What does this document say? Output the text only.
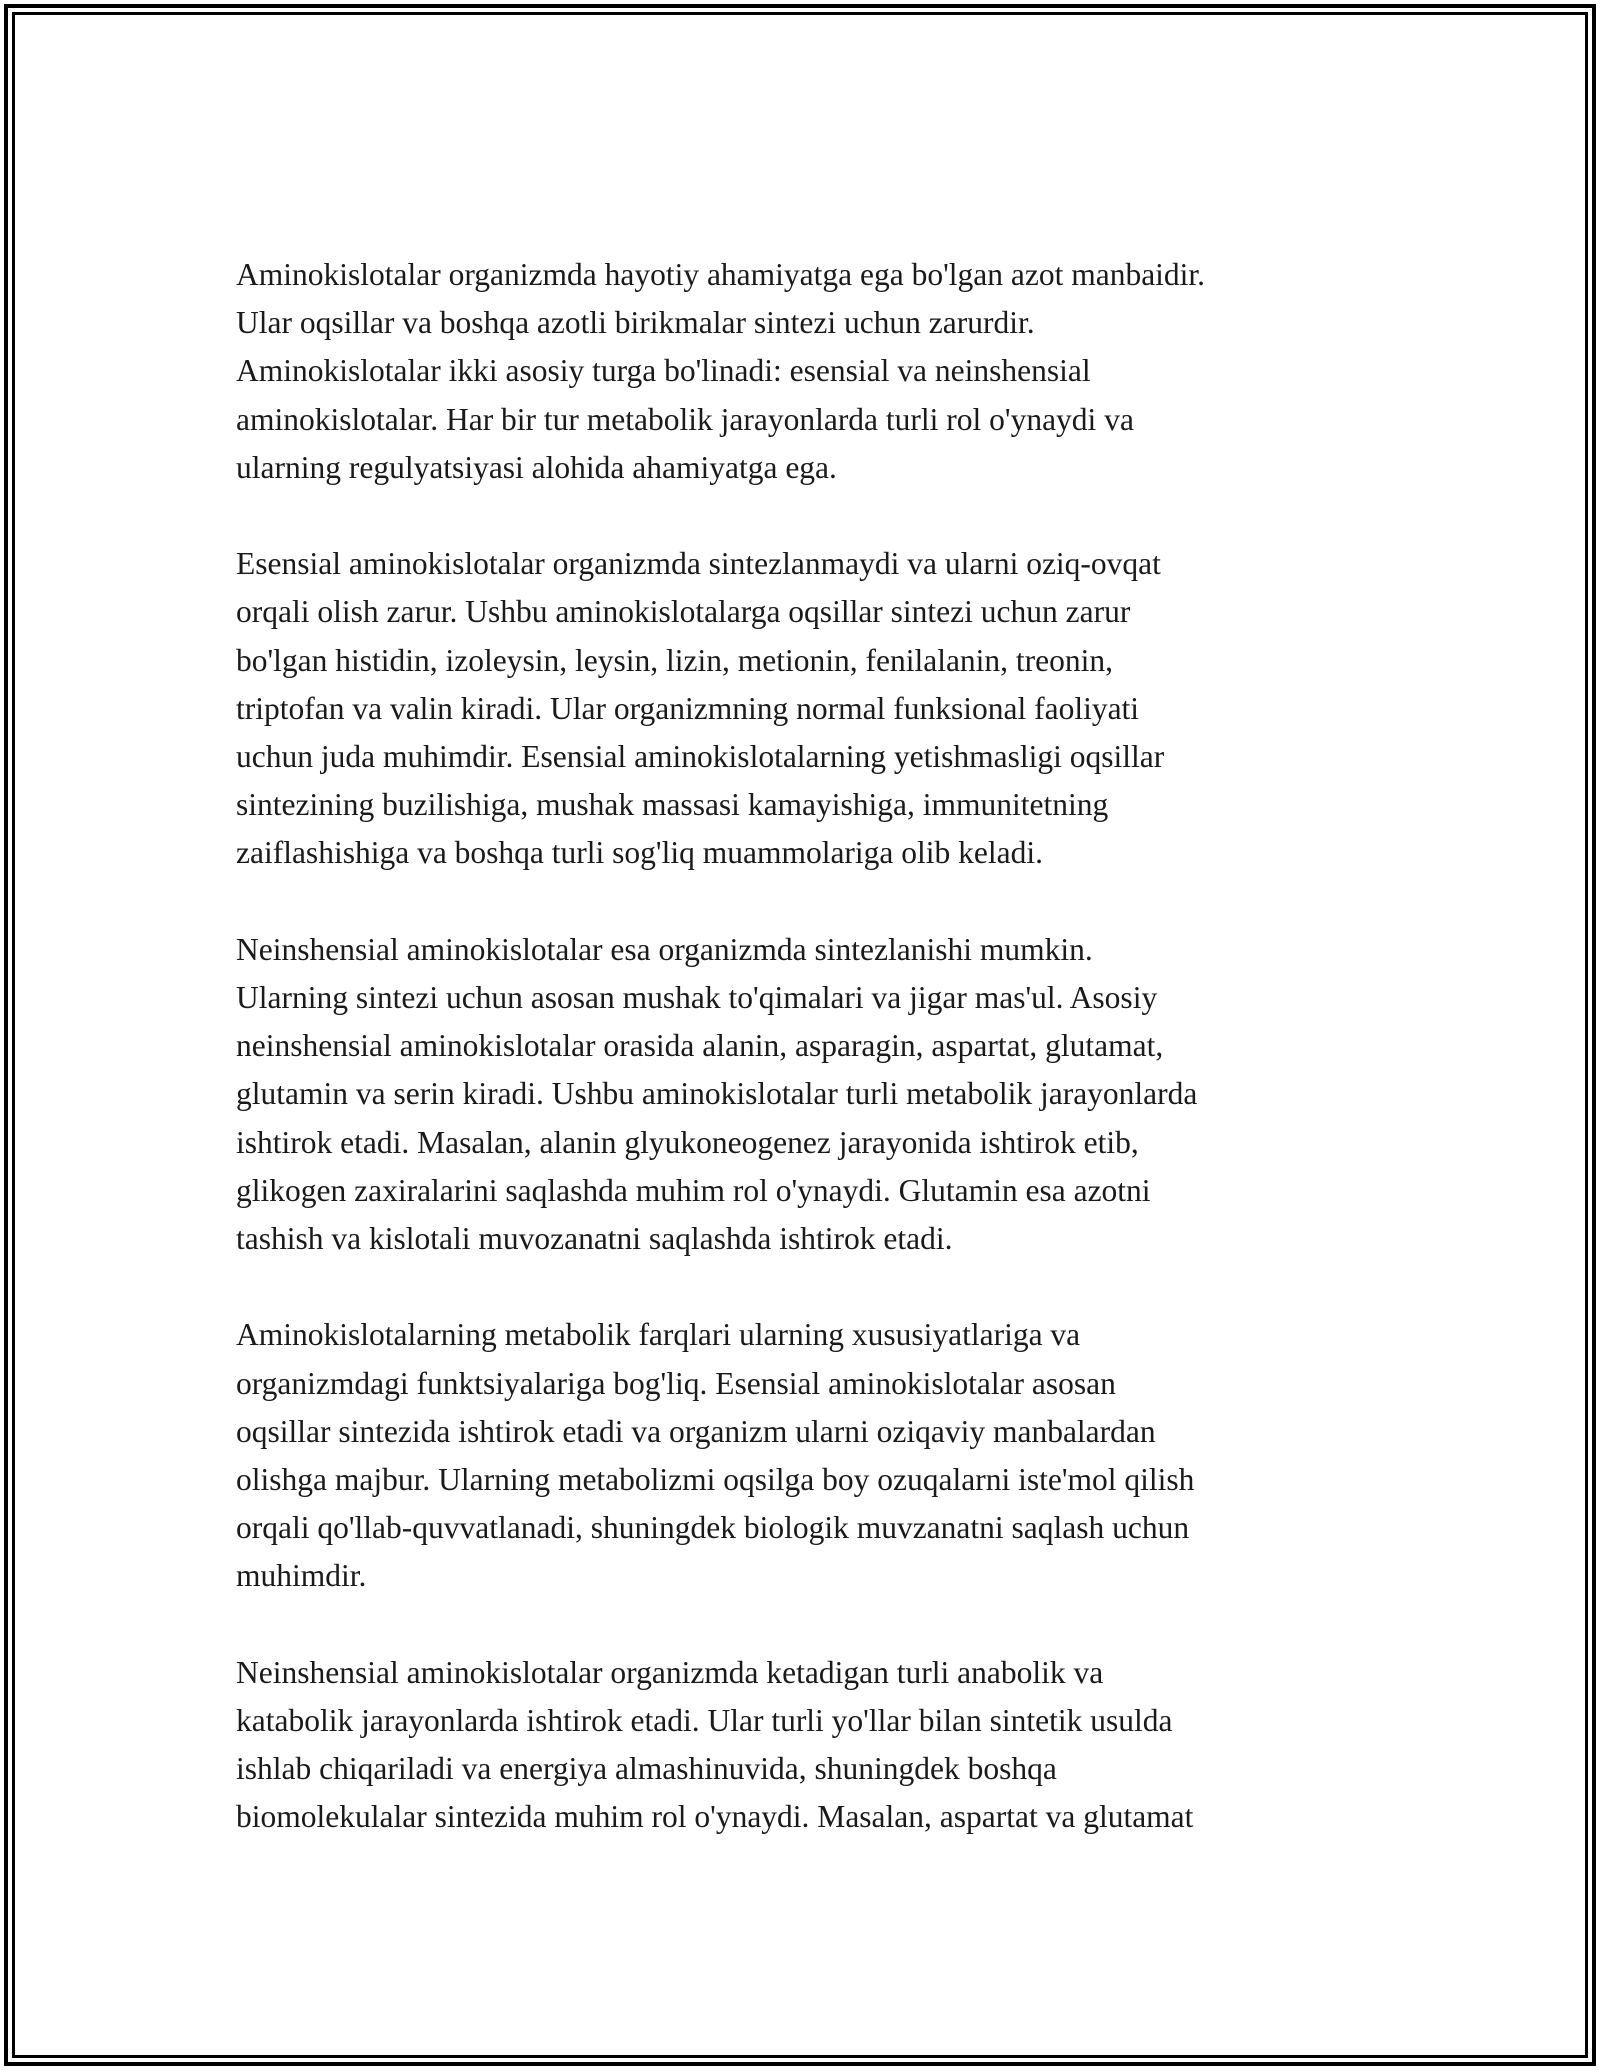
Aminokislotalar organizmda hayotiy ahamiyatga ega bo'lgan azot manbaidir.
Ular oqsillar va boshqa azotli birikmalar sintezi uchun zarurdir.
Aminokislotalar ikki asosiy turga bo'linadi: esensial va neinshensial
aminokislotalar. Har bir tur metabolik jarayonlarda turli rol o'ynaydi va
ularning regulyatsiyasi alohida ahamiyatga ega.

Esensial aminokislotalar organizmda sintezlanmaydi va ularni oziq-ovqat
orqali olish zarur. Ushbu aminokislotalarga oqsillar sintezi uchun zarur
bo'lgan histidin, izoleysin, leysin, lizin, metionin, fenilalanin, treonin,
triptofan va valin kiradi. Ular organizmning normal funksional faoliyati
uchun juda muhimdir. Esensial aminokislotalarning yetishmasligi oqsillar
sintezining buzilishiga, mushak massasi kamayishiga, immunitetning
zaiflashishiga va boshqa turli sog'liq muammolariga olib keladi.

Neinshensial aminokislotalar esa organizmda sintezlanishi mumkin.
Ularning sintezi uchun asosan mushak to'qimalari va jigar mas'ul. Asosiy
neinshensial aminokislotalar orasida alanin, asparagin, aspartat, glutamat,
glutamin va serin kiradi. Ushbu aminokislotalar turli metabolik jarayonlarda
ishtirok etadi. Masalan, alanin glyukoneogenez jarayonida ishtirok etib,
glikogen zaxiralarini saqlashda muhim rol o'ynaydi. Glutamin esa azotni
tashish va kislotali muvozanatni saqlashda ishtirok etadi.

Aminokislotalarning metabolik farqlari ularning xususiyatlariga va
organizmdagi funktsiyalariga bog'liq. Esensial aminokislotalar asosan
oqsillar sintezida ishtirok etadi va organizm ularni oziqaviy manbalardan
olishga majbur. Ularning metabolizmi oqsilga boy ozuqalarni iste'mol qilish
orqali qo'llab-quvvatlanadi, shuningdek biologik muvzanatni saqlash uchun
muhimdir.

Neinshensial aminokislotalar organizmda ketadigan turli anabolik va
katabolik jarayonlarda ishtirok etadi. Ular turli yo'llar bilan sintetik usulda
ishlab chiqariladi va energiya almashinuvida, shuningdek boshqa
biomolekulalar sintezida muhim rol o'ynaydi. Masalan, aspartat va glutamat
